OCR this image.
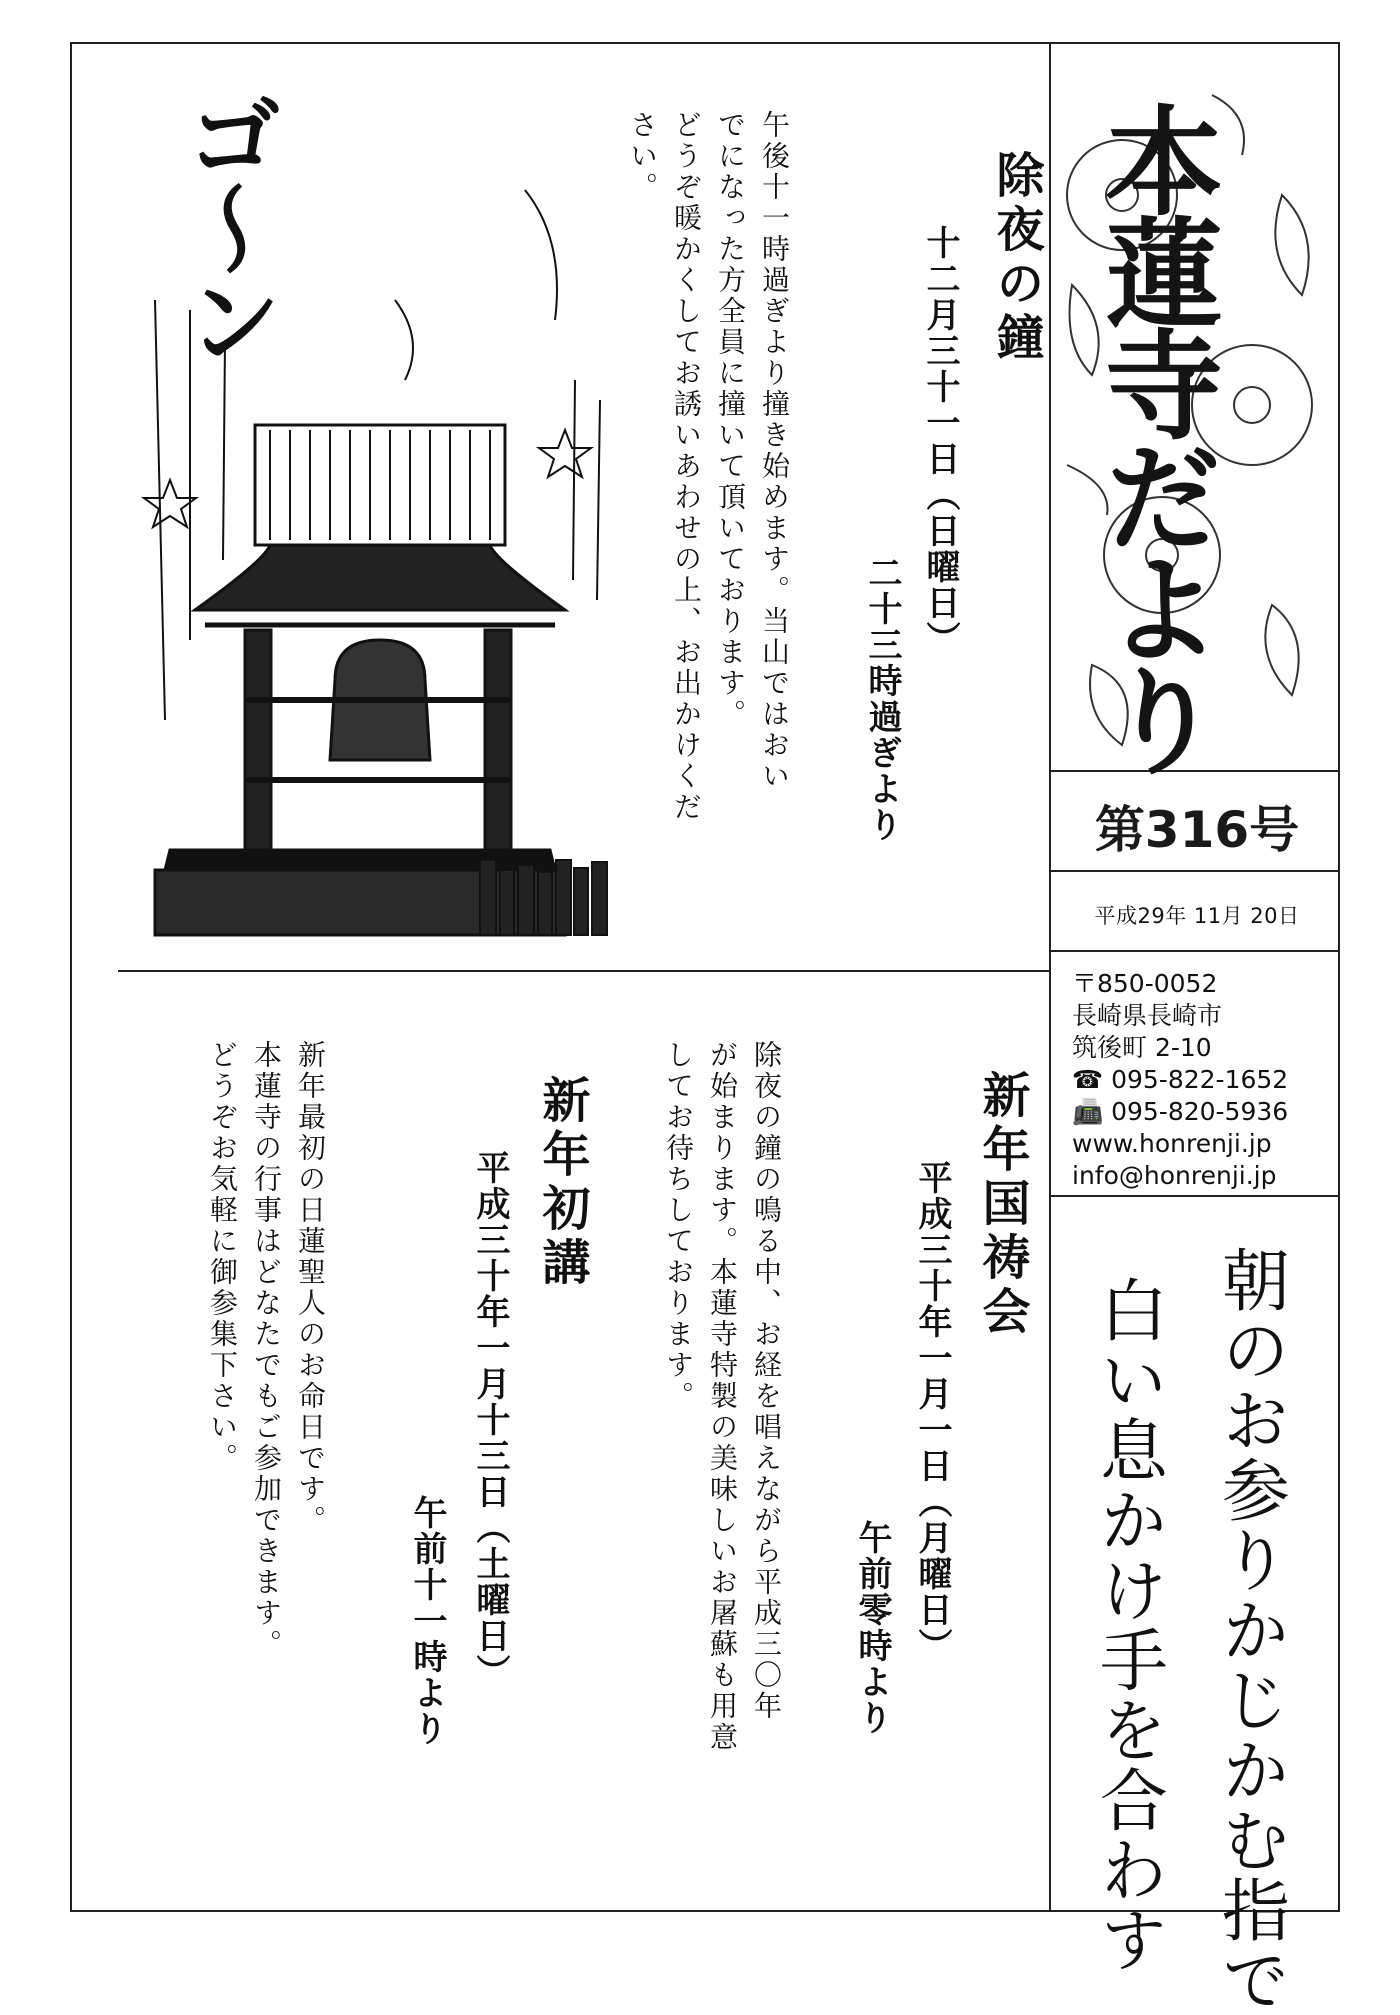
本蓮寺だより
第316号
平成29年 11月 20日
〒850-0052
長崎県長崎市
筑後町 2-10
☎ 095-822-1652
📠 095-820-5936
www.honrenji.jp
info@honrenji.jp
朝のお参りかじかむ指で
白い息かけ手を合わす
ゴ〜ン	除夜の鐘
十二月三十一日（日曜日）
二十三時過ぎより
午後十一時過ぎより撞き始めます。当山ではおい
でになった方全員に撞いて頂いております。
どうぞ暖かくしてお誘いあわせの上、お出かけくだ
さい。
新年国祷会
平成三十年一月一日（月曜日）
午前零時より
除夜の鐘の鳴る中、お経を唱えながら平成三〇年
が始まります。本蓮寺特製の美味しいお屠蘇も用意
してお待ちしております。
新年初講
平成三十年一月十三日（土曜日）
午前十一時より
新年最初の日蓮聖人のお命日です。
本蓮寺の行事はどなたでもご参加できます。
どうぞお気軽に御参集下さい。
